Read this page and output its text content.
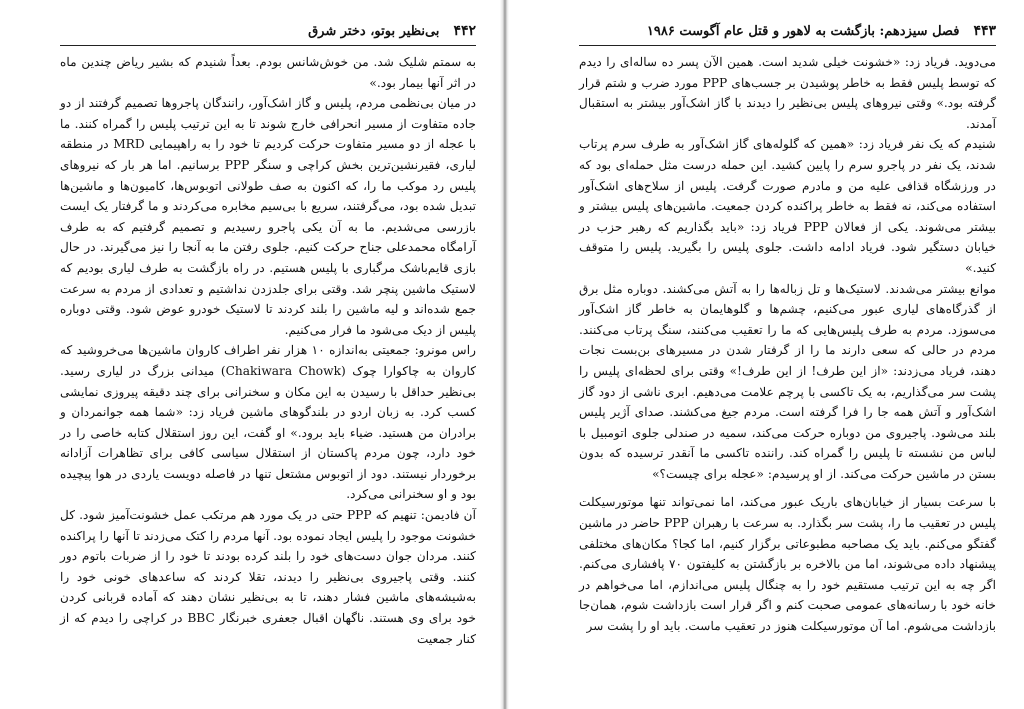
۴۴۲بی‌نظیر بوتو، دختر شرق

به سمتم شلیک شد. من خوش‌شانس بودم. بعداً شنیدم که بشیر ریاض چندین ماه در اثر آنها بیمار بود.»

در میان بی‌نظمی مردم، پلیس و گاز اشک‌آور، رانندگان پاجروها تصمیم گرفتند از دو جاده متفاوت از مسیر انحرافی خارج شوند تا به این ترتیب پلیس را گمراه کنند. ما با عجله از دو مسیر متفاوت حرکت کردیم تا خود را به راهپیمایی MRD در منطقه لیاری، فقیرنشین‌ترین بخش کراچی و سنگر PPP برسانیم. اما هر بار که نیروهای پلیس رد موکب ما را، که اکنون به صف طولانی اتوبوس‌ها، کامیون‌ها و ماشین‌ها تبدیل شده بود، می‌گرفتند، سریع با بی‌سیم مخابره می‌کردند و ما گرفتار یک ایست بازرسی می‌شدیم. ما به آن یکی پاجرو رسیدیم و تصمیم گرفتیم که به طرف آرامگاه محمدعلی جناح حرکت کنیم. جلوی رفتن ما به آنجا را نیز می‌گیرند. در حال بازی قایم‌باشک مرگباری با پلیس هستیم. در راه بازگشت به طرف لیاری بودیم که لاستیک ماشین پنچر شد. وقتی برای جلدزدن نداشتیم و تعدادی از مردم به سرعت جمع شده‌اند و لیه ماشین را بلند کردند تا لاستیک خودرو عوض شود. وقتی دوباره پلیس از دیک می‌شود ما فرار می‌کنیم.

راس مونرو: جمعیتی به‌اندازه ۱۰ هزار نفر اطراف کاروان ماشین‌ها می‌خروشید که کاروان به چاکوارا چوک (Chakiwara Chowk) میدانی بزرگ در لیاری رسید. بی‌نظیر حداقل با رسیدن به این مکان و سخنرانی برای چند دقیقه پیروزی نمایشی کسب کرد. به زبان اردو در بلندگوهای ماشین فریاد زد: «شما همه جوانمردان و برادران من هستید. ضیاء باید برود.» او گفت، این روز استقلال کتابه خاصی را در خود دارد، چون مردم پاکستان از استقلال سیاسی کافی برای تظاهرات آزادانه برخوردار نیستند. دود از اتوبوس مشتعل تنها در فاصله دویست یاردی در هوا پیچیده بود و او سخنرانی می‌کرد.

آن فادیمن: تنهیم که PPP حتی در یک مورد هم مرتکب عمل خشونت‌آمیز شود. کل خشونت موجود را پلیس ایجاد نموده بود. آنها مردم را کتک می‌زدند تا آنها را پراکنده کنند. مردان جوان دست‌های خود را بلند کرده بودند تا خود را از ضربات باتوم دور کنند. وقتی پاجیروی بی‌نظیر را دیدند، تقلا کردند که ساعدهای خونی خود را به‌شیشه‌های ماشین فشار دهند، تا به بی‌نظیر نشان دهند که آماده قربانی کردن خود برای وی هستند. ناگهان اقبال جعفری خبرنگار BBC در کراچی را دیدم که از کنار جمعیت

۴۴۳فصل سیزدهم: بازگشت به لاهور و قتل عام آگوست ۱۹۸۶

می‌دوید. فریاد زد: «خشونت خیلی شدید است. همین الآن پسر ده ساله‌ای را دیدم که توسط پلیس فقط به خاطر پوشیدن بر جسب‌های PPP مورد ضرب و شتم قرار گرفته بود.» وقتی نیروهای پلیس بی‌نظیر را دیدند با گاز اشک‌آور بیشتر به استقبال آمدند.

شنیدم که یک نفر فریاد زد: «همین که گلوله‌های گاز اشک‌آور به طرف سرم پرتاب شدند، یک نفر در پاجرو سرم را پایین کشید. این حمله درست مثل حمله‌ای بود که در ورزشگاه قذافی علیه من و مادرم صورت گرفت. پلیس از سلاح‌های اشک‌آور استفاده می‌کند، نه فقط به خاطر پراکنده کردن جمعیت. ماشین‌های پلیس بیشتر و بیشتر می‌شوند. یکی از فعالان PPP فریاد زد: «باید بگذاریم که رهبر حزب در خیابان دستگیر شود. فریاد ادامه داشت. جلوی پلیس را بگیرید. پلیس را متوقف کنید.»

موانع بیشتر می‌شدند. لاستیک‌ها و تل زباله‌ها را به آتش می‌کشند. دوباره مثل برق از گذرگاه‌های لیاری عبور می‌کنیم، چشم‌ها و گلوهایمان به خاطر گاز اشک‌آور می‌سوزد. مردم به طرف پلیس‌هایی که ما را تعقیب می‌کنند، سنگ پرتاب می‌کنند. مردم در حالی که سعی دارند ما را از گرفتار شدن در مسیرهای بن‌بست نجات دهند، فریاد می‌زدند: «از این طرف! از این طرف!» وقتی برای لحظه‌ای پلیس را پشت سر می‌گذاریم، به یک تاکسی با پرچم علامت می‌دهیم. ابری ناشی از دود گاز اشک‌آور و آتش همه جا را فرا گرفته است. مردم جیغ می‌کشند. صدای آژیر پلیس بلند می‌شود. پاجیروی من دوباره حرکت می‌کند، سمیه در صندلی جلوی اتومبیل با لباس من نشسته تا پلیس را گمراه کند. راننده تاکسی ما آنقدر ترسیده که بدون بستن در ماشین حرکت می‌کند. از او پرسیدم: «عجله برای چیست؟»

با سرعت بسیار از خیابان‌های باریک عبور می‌کند، اما نمی‌تواند تنها موتورسیکلت پلیس در تعقیب ما را، پشت سر بگذارد. به سرعت با رهبران PPP حاضر در ماشین گفتگو می‌کنم. باید یک مصاحبه مطبوعاتی برگزار کنیم، اما کجا؟ مکان‌های مختلفی پیشنهاد داده می‌شوند، اما من بالاخره بر بازگشتن به کلیفتون ۷۰ پافشاری می‌کنم. اگر چه به این ترتیب مستقیم خود را به چنگال پلیس می‌اندازم، اما می‌خواهم در خانه خود با رسانه‌های عمومی صحبت کنم و اگر قرار است بازداشت شوم، همان‌جا بازداشت می‌شوم. اما آن موتورسیکلت هنوز در تعقیب ماست. باید او را پشت سر
